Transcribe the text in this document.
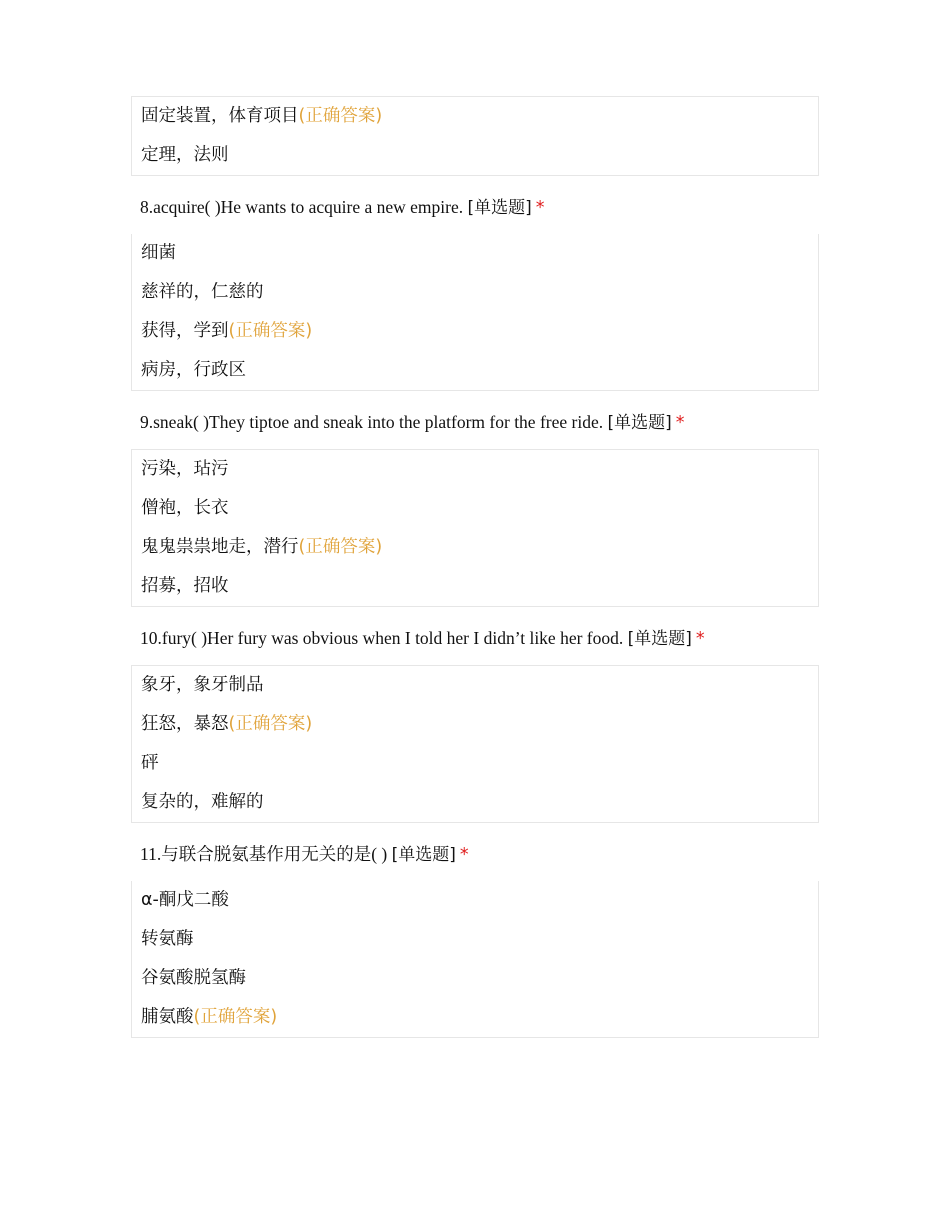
固定装置，体育项目(正确答案)
定理，法则
8.acquire( )He wants to acquire a new empire. [单选题] *
细菌
慈祥的，仁慈的
获得，学到(正确答案)
病房，行政区
9.sneak( )They tiptoe and sneak into the platform for the free ride. [单选题] *
污染，玷污
僧袍，长衣
鬼鬼祟祟地走，潜行(正确答案)
招募，招收
10.fury( )Her fury was obvious when I told her I didn’t like her food. [单选题] *
象牙，象牙制品
狂怒，暴怒(正确答案)
砰
复杂的，难解的
11.与联合脱氨基作用无关的是( ) [单选题] *
α-酮戊二酸
转氨酶
谷氨酸脱氢酶
脯氨酸(正确答案)
